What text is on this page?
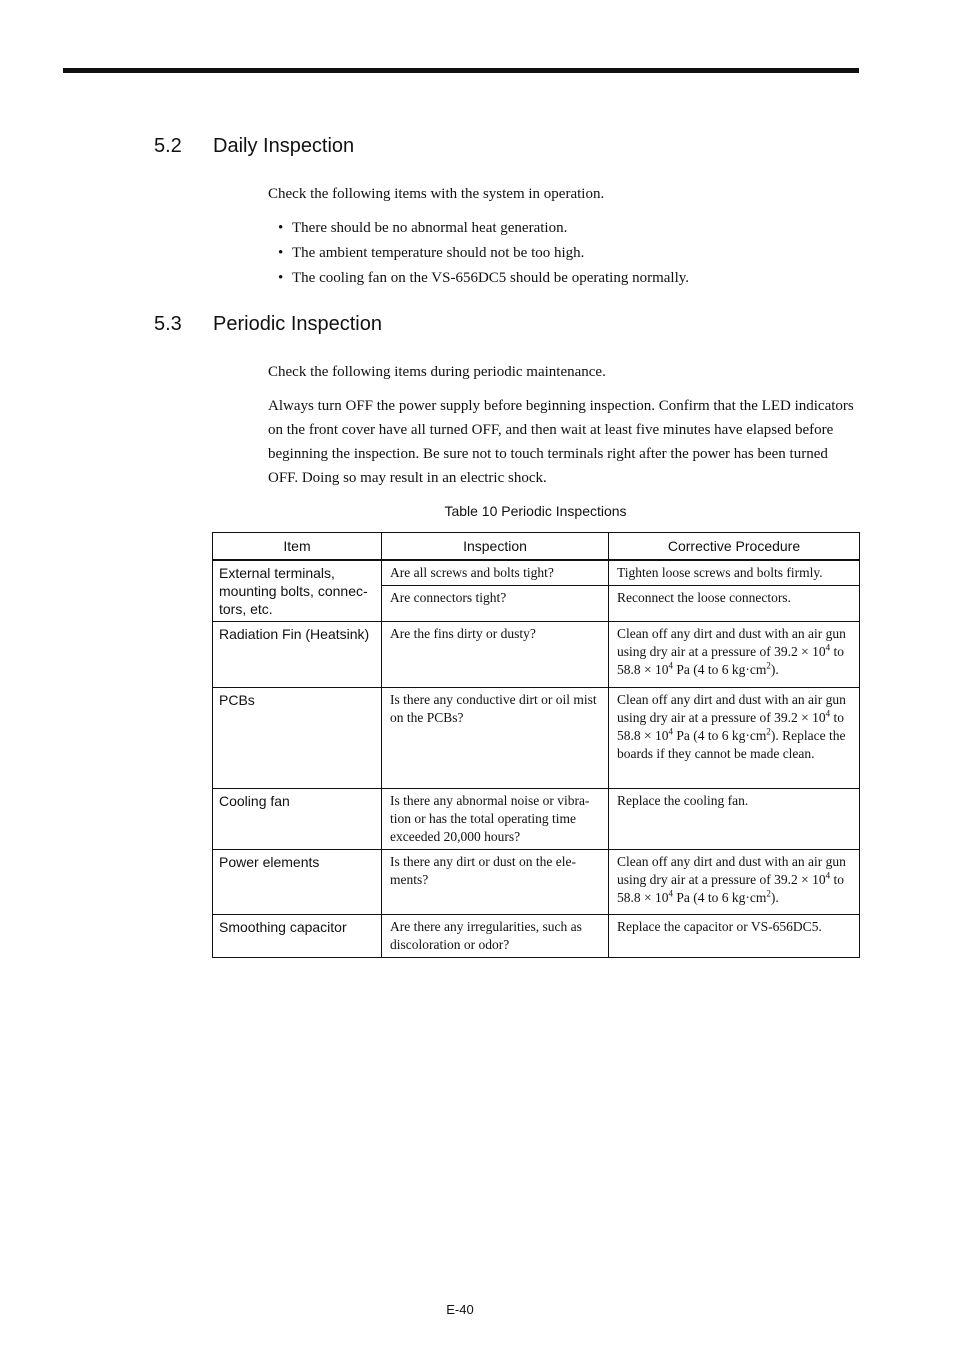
5.2 Daily Inspection

Check the following items with the system in operation.

• There should be no abnormal heat generation.
• The ambient temperature should not be too high.
• The cooling fan on the VS-656DC5 should be operating normally.
5.3 Periodic Inspection

Check the following items during periodic maintenance.

Always turn OFF the power supply before beginning inspection. Confirm that the LED indicators on the front cover have all turned OFF, and then wait at least five minutes have elapsed before beginning the inspection. Be sure not to touch terminals right after the power has been turned OFF. Doing so may result in an electric shock.

Table 10 Periodic Inspections
Item	Inspection	Corrective Procedure
External terminals, mounting bolts, connec-tors, etc.	Are all screws and bolts tight?	Tighten loose screws and bolts firmly.
	Are connectors tight?	Reconnect the loose connectors.
Radiation Fin (Heatsink)	Are the fins dirty or dusty?	Clean off any dirt and dust with an air gun using dry air at a pressure of $39.2 \times 10^4$ to $58.8 \times 10^4$ Pa (4 to 6 $kg\cdot cm^2$).
PCBs	Is there any conductive dirt or oil mist on the PCBs?	Clean off any dirt and dust with an air gun using dry air at a pressure of $39.2 \times 10^4$ to $58.8 \times 10^4$ Pa (4 to 6 $kg\cdot cm^2$). Replace the boards if they cannot be made clean.
Cooling fan	Is there any abnormal noise or vibra-tion or has the total operating time exceeded 20,000 hours?	Replace the cooling fan.
Power elements	Is there any dirt or dust on the ele-ments?	Clean off any dirt and dust with an air gun using dry air at a pressure of $39.2 \times 10^4$ to $58.8 \times 10^4$ Pa (4 to 6 $kg\cdot cm^2$).
Smoothing capacitor	Are there any irregularities, such as discoloration or odor?	Replace the capacitor or VS-656DC5.
E-40
